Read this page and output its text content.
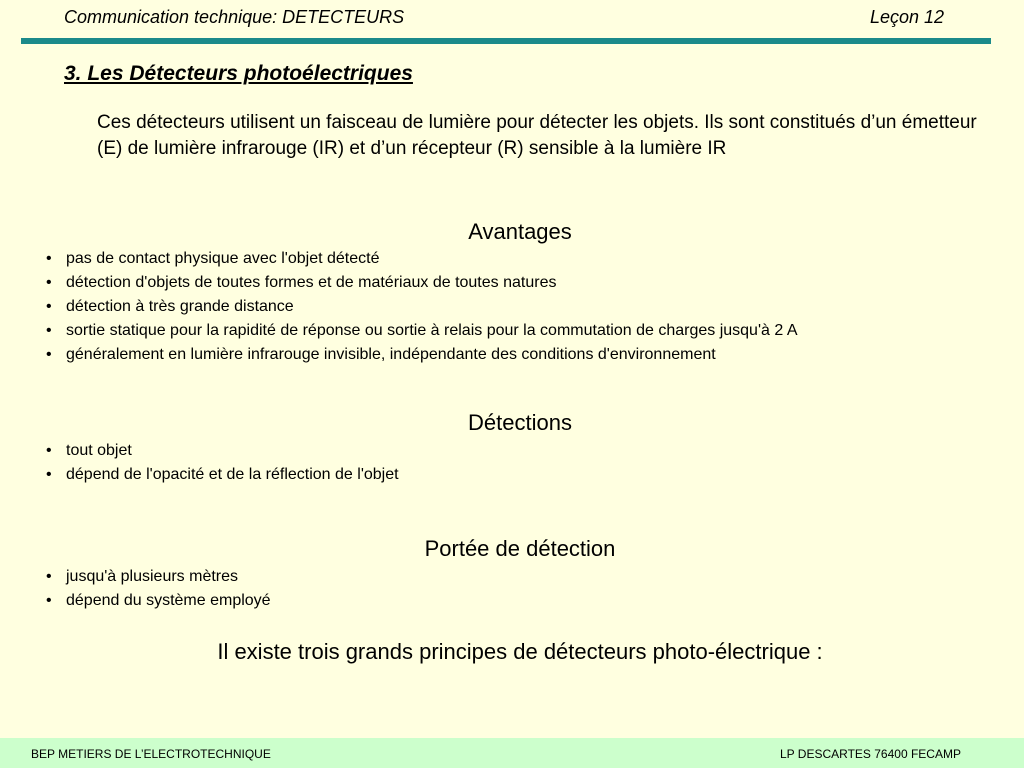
Communication technique: DETECTEURS	Leçon 12
3. Les Détecteurs photoélectriques
Ces détecteurs utilisent un faisceau de lumière pour détecter les objets. Ils sont constitués d’un émetteur (E) de lumière infrarouge (IR) et d’un récepteur (R) sensible à la lumière IR
Avantages
• pas de contact physique avec l'objet détecté
• détection d'objets de toutes formes et de matériaux de toutes natures
• détection à très grande distance
• sortie statique pour la rapidité de réponse ou sortie à relais pour la commutation de charges jusqu'à 2 A
• généralement en lumière infrarouge invisible, indépendante des conditions d'environnement
Détections
• tout objet
• dépend de l'opacité et de la réflection de l'objet
Portée de détection
• jusqu'à plusieurs mètres
• dépend du système employé
Il existe trois grands principes de détecteurs photo-électrique :
BEP METIERS DE L’ELECTROTECHNIQUE	LP DESCARTES 76400 FECAMP
